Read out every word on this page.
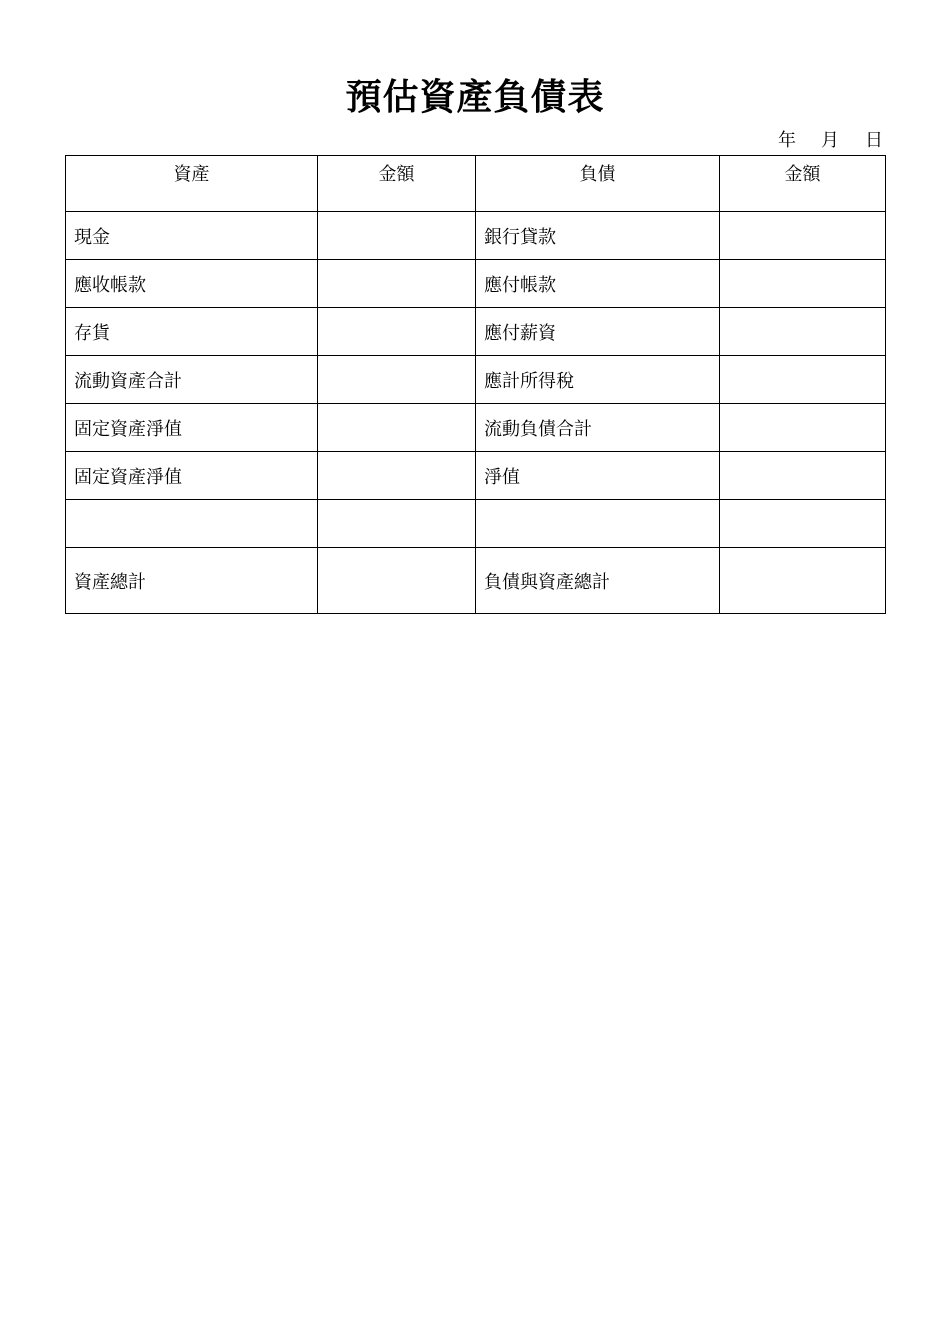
預估資產負債表
年 月 日
資產	金額	負債	金額
現金		銀行貸款	
應收帳款		應付帳款	
存貨		應付薪資	
流動資產合計		應計所得稅	
固定資產淨值		流動負債合計	
固定資產淨值		淨值	

資產總計		負債與資產總計	
